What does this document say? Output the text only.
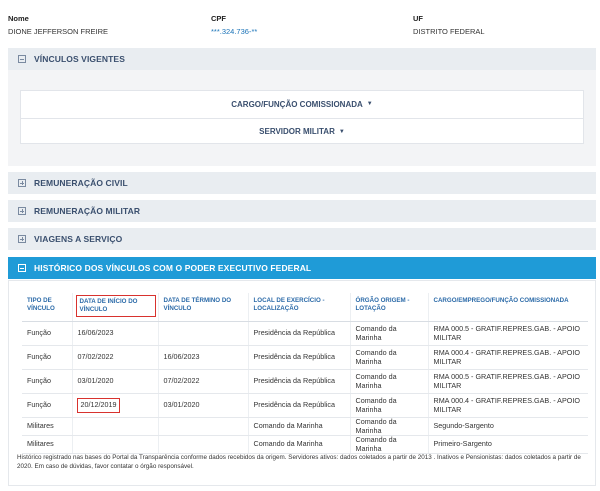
Nome
DIONE JEFFERSON FREIRE
CPF
***.324.736-**
UF
DISTRITO FEDERAL
VÍNCULOS VIGENTES
CARGO/FUNÇÃO COMISSIONADA ▼
SERVIDOR MILITAR ▼
REMUNERAÇÃO CIVIL
REMUNERAÇÃO MILITAR
VIAGENS A SERVIÇO
HISTÓRICO DOS VÍNCULOS COM O PODER EXECUTIVO FEDERAL
TIPO DE VÍNCULO	DATA DE INÍCIO DO VÍNCULO	DATA DE TÉRMINO DO VÍNCULO	LOCAL DE EXERCÍCIO - LOCALIZAÇÃO	ÓRGÃO ORIGEM - LOTAÇÃO	CARGO/EMPREGO/FUNÇÃO COMISSIONADA
Função	16/06/2023		Presidência da República	Comando da Marinha	RMA 000.5 - GRATIF.REPRES.GAB. - APOIO MILITAR
Função	07/02/2022	16/06/2023	Presidência da República	Comando da Marinha	RMA 000.4 - GRATIF.REPRES.GAB. - APOIO MILITAR
Função	03/01/2020	07/02/2022	Presidência da República	Comando da Marinha	RMA 000.5 - GRATIF.REPRES.GAB. - APOIO MILITAR
Função	20/12/2019	03/01/2020	Presidência da República	Comando da Marinha	RMA 000.4 - GRATIF.REPRES.GAB. - APOIO MILITAR
Militares			Comando da Marinha	Comando da Marinha	Segundo-Sargento
Militares			Comando da Marinha	Comando da Marinha	Primeiro-Sargento
Histórico registrado nas bases do Portal da Transparência conforme dados recebidos da origem. Servidores ativos: dados coletados a partir de 2013 . Inativos e Pensionistas: dados coletados a partir de 2020. Em caso de dúvidas, favor contatar o órgão responsável.
